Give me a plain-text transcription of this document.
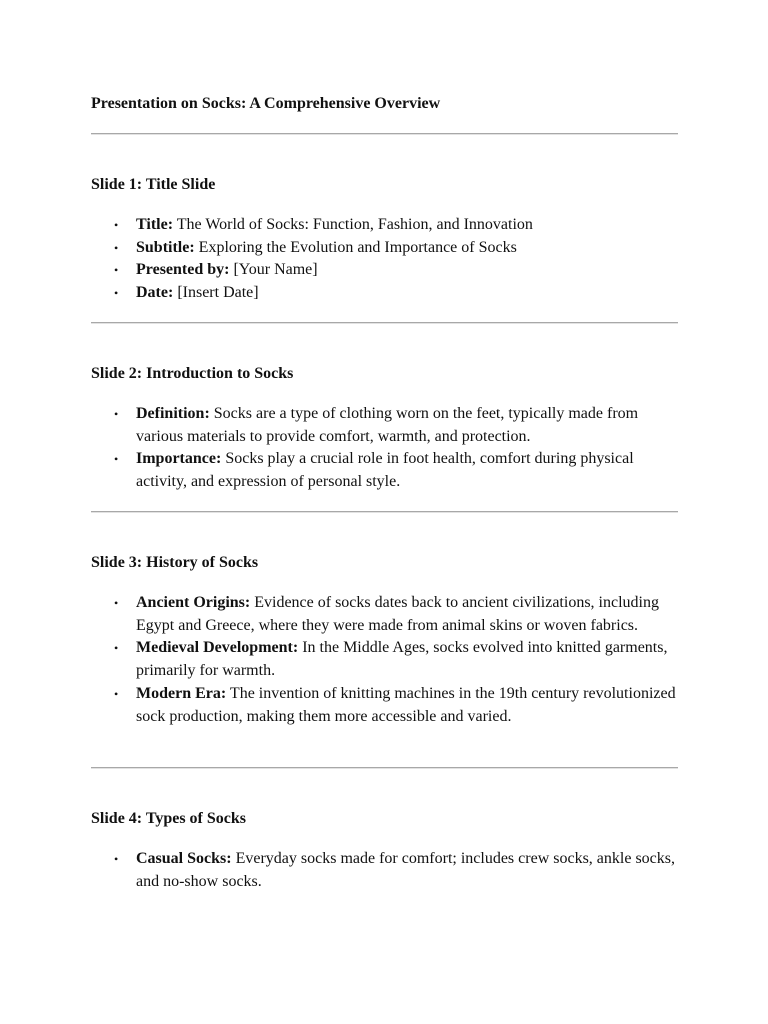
Presentation on Socks: A Comprehensive Overview
Slide 1: Title Slide
• Title: The World of Socks: Function, Fashion, and Innovation
• Subtitle: Exploring the Evolution and Importance of Socks
• Presented by: [Your Name]
• Date: [Insert Date]
Slide 2: Introduction to Socks
• Definition: Socks are a type of clothing worn on the feet, typically made from various materials to provide comfort, warmth, and protection.
• Importance: Socks play a crucial role in foot health, comfort during physical activity, and expression of personal style.
Slide 3: History of Socks
• Ancient Origins: Evidence of socks dates back to ancient civilizations, including Egypt and Greece, where they were made from animal skins or woven fabrics.
• Medieval Development: In the Middle Ages, socks evolved into knitted garments, primarily for warmth.
• Modern Era: The invention of knitting machines in the 19th century revolutionized sock production, making them more accessible and varied.
Slide 4: Types of Socks
• Casual Socks: Everyday socks made for comfort; includes crew socks, ankle socks, and no-show socks.
